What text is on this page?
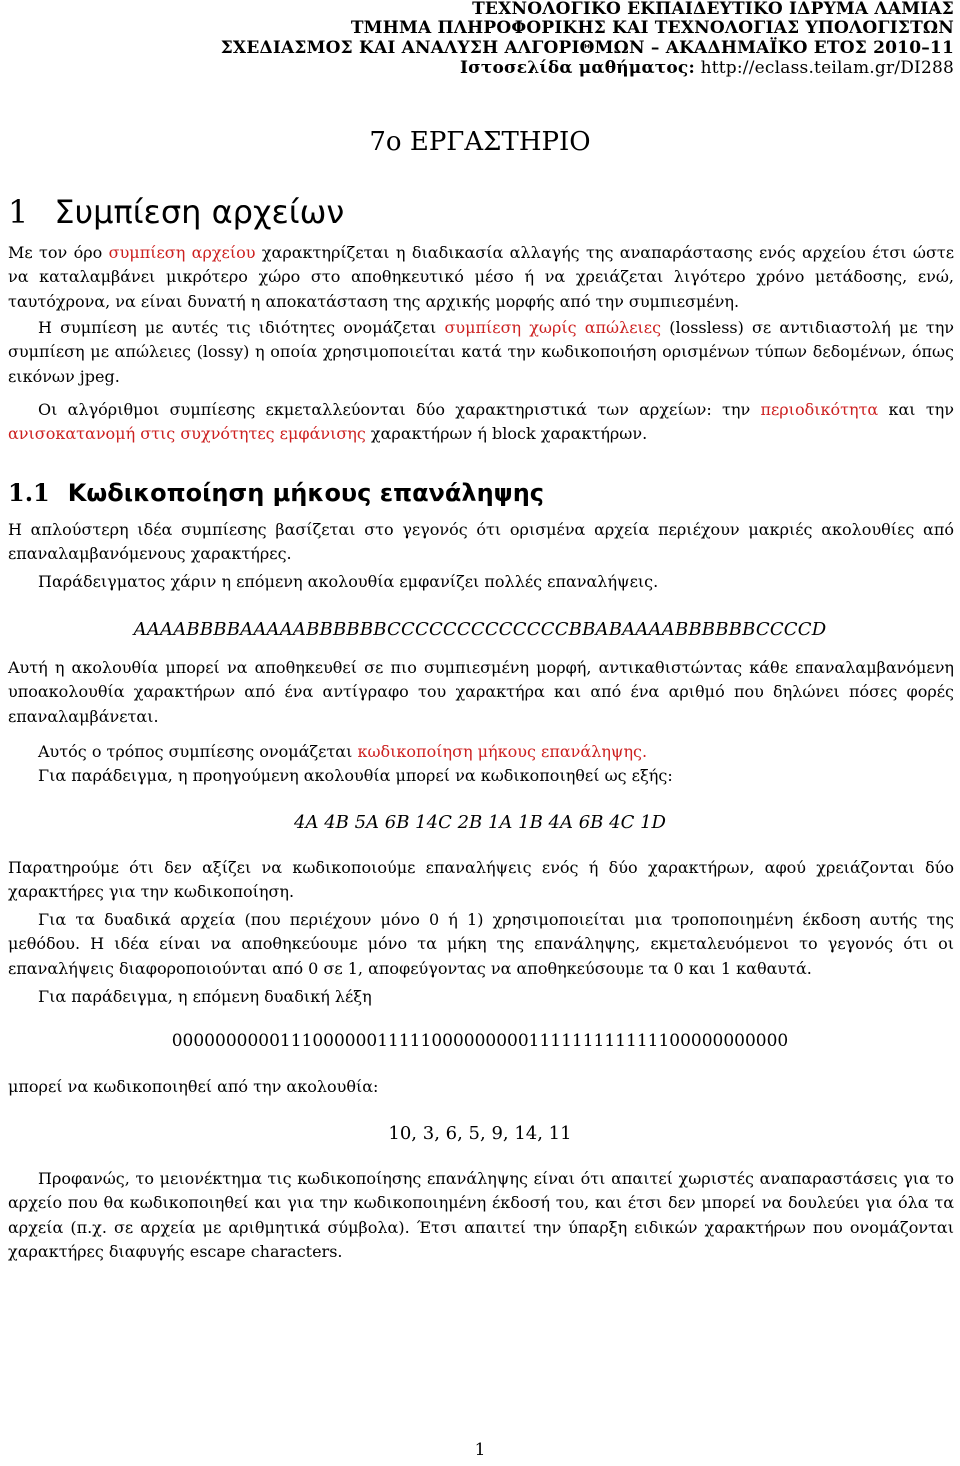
ΤΕΧΝΟΛΟΓΙΚΟ ΕΚΠΑΙΔΕΥΤΙΚΟ ΙΔΡΥΜΑ ΛΑΜΙΑΣ
ΤΜΗΜΑ ΠΛΗΡΟΦΟΡΙΚΗΣ ΚΑΙ ΤΕΧΝΟΛΟΓΙΑΣ ΥΠΟΛΟΓΙΣΤΩΝ
ΣΧΕΔΙΑΣΜΟΣ ΚΑΙ ΑΝΑΛΥΣΗ ΑΛΓΟΡΙΘΜΩΝ – ΑΚΑΔΗΜΑΪΚΟ ΕΤΟΣ 2010–11
Ιστοσελίδα μαθήματος: http://eclass.teilam.gr/DI288
7ο ΕΡΓΑΣΤΗΡΙΟ
1 Συμπίεση αρχείων
Με τον όρο συμπίεση αρχείου χαρακτηρίζεται η διαδικασία αλλαγής της αναπαράστασης ενός αρχείου έτσι ώστε να καταλαμβάνει μικρότερο χώρο στο αποθηκευτικό μέσο ή να χρειάζεται λιγότερο χρόνο μετάδοσης, ενώ, ταυτόχρονα, να είναι δυνατή η αποκατάσταση της αρχικής μορφής από την συμπιεσμένη.
Η συμπίεση με αυτές τις ιδιότητες ονομάζεται συμπίεση χωρίς απώλειες (lossless) σε αντιδιαστολή με την συμπίεση με απώλειες (lossy) η οποία χρησιμοποιείται κατά την κωδικοποιήση ορισμένων τύπων δεδομένων, όπως εικόνων jpeg.
Οι αλγόριθμοι συμπίεσης εκμεταλλεύονται δύο χαρακτηριστικά των αρχείων: την περιοδικότητα και την ανισοκατανομή στις συχνότητες εμφάνισης χαρακτήρων ή block χαρακτήρων.
1.1 Κωδικοποίηση μήκους επανάληψης
Η απλούστερη ιδέα συμπίεσης βασίζεται στο γεγονός ότι ορισμένα αρχεία περιέχουν μακριές ακολουθίες από επαναλαμβανόμενους χαρακτήρες.
Παράδειγματος χάριν η επόμενη ακολουθία εμφανίζει πολλές επαναλήψεις.
AAAABBBBAAAAABBBBBBCCCCCCCCCCCCCBBABAAAABBBBBBCCCCD
Αυτή η ακολουθία μπορεί να αποθηκευθεί σε πιο συμπιεσμένη μορφή, αντικαθιστώντας κάθε επαναλαμβανόμενη υποακολουθία χαρακτήρων από ένα αντίγραφο του χαρακτήρα και από ένα αριθμό που δηλώνει πόσες φορές επαναλαμβάνεται.
Αυτός ο τρόπος συμπίεσης ονομάζεται κωδικοποίηση μήκους επανάληψης.
Για παράδειγμα, η προηγούμενη ακολουθία μπορεί να κωδικοποιηθεί ως εξής:
4A 4B 5A 6B 14C 2B 1A 1B 4A 6B 4C 1D
Παρατηρούμε ότι δεν αξίζει να κωδικοποιούμε επαναλήψεις ενός ή δύο χαρακτήρων, αφού χρειάζονται δύο χαρακτήρες για την κωδικοποίηση.
Για τα δυαδικά αρχεία (που περιέχουν μόνο 0 ή 1) χρησιμοποιείται μια τροποποιημένη έκδοση αυτής της μεθόδου. Η ιδέα είναι να αποθηκεύουμε μόνο τα μήκη της επανάληψης, εκμεταλευόμενοι το γεγονός ότι οι επαναλήψεις διαφοροποιούνται από 0 σε 1, αποφεύγοντας να αποθηκεύσουμε τα 0 και 1 καθαυτά.
Για παράδειγμα, η επόμενη δυαδική λέξη
000000000011100000011111000000000111111111111100000000000
μπορεί να κωδικοποιηθεί από την ακολουθία:
10, 3, 6, 5, 9, 14, 11
Προφανώς, το μειονέκτημα τις κωδικοποίησης επανάληψης είναι ότι απαιτεί χωριστές αναπαραστάσεις για το αρχείο που θα κωδικοποιηθεί και για την κωδικοποιημένη έκδοσή του, και έτσι δεν μπορεί να δουλεύει για όλα τα αρχεία (π.χ. σε αρχεία με αριθμητικά σύμβολα). Έτσι απαιτεί την ύπαρξη ειδικών χαρακτήρων που ονομάζονται χαρακτήρες διαφυγής escape characters.
1
